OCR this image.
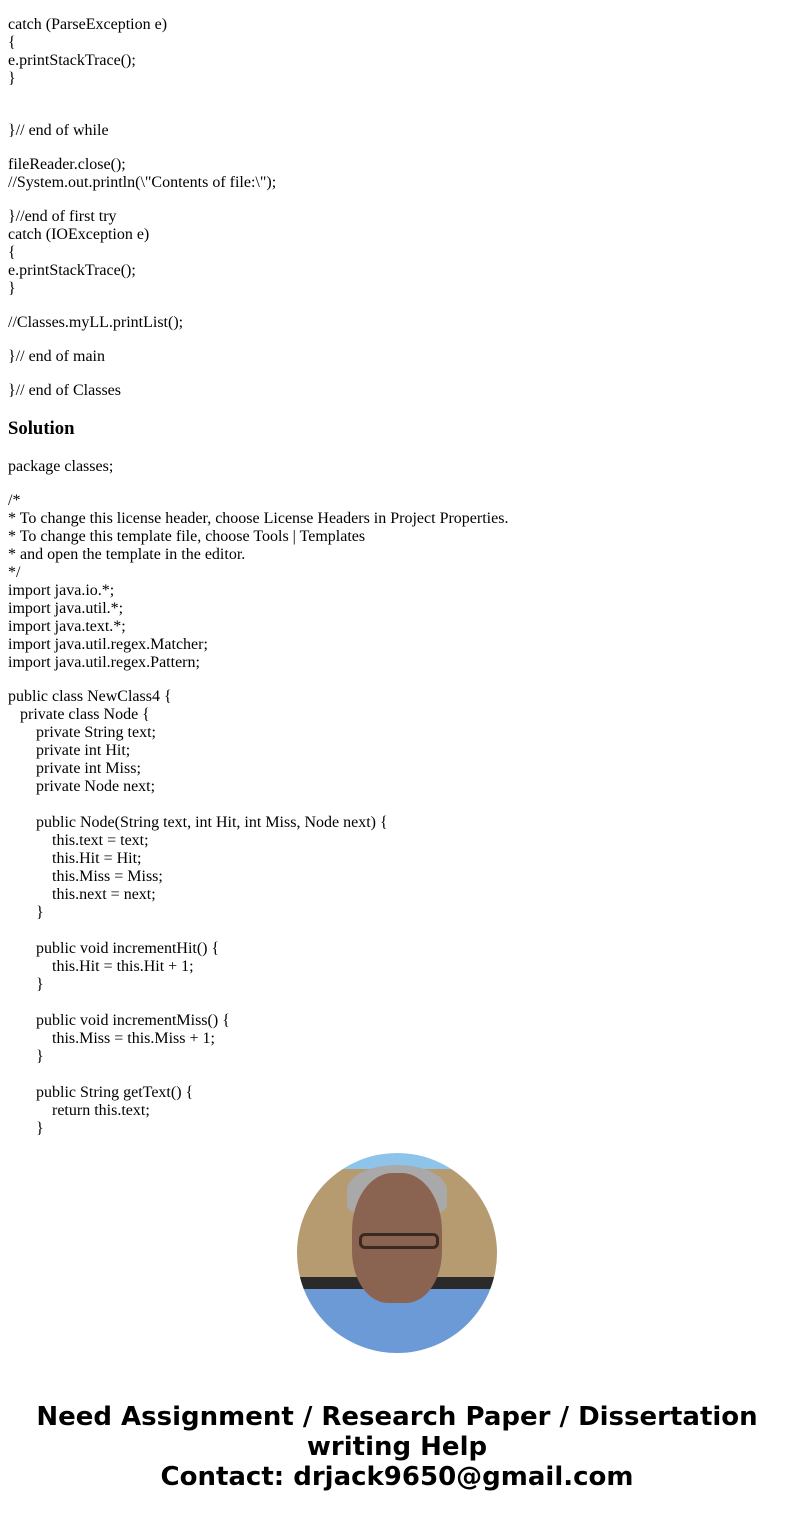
catch (ParseException e)
{
e.printStackTrace();
}

}// end of while

fileReader.close();
//System.out.println(\"Contents of file:\");

}//end of first try
catch (IOException e)
{
e.printStackTrace();
}

//Classes.myLL.printList();

}// end of main

}// end of Classes

Solution

package classes;

/*
* To change this license header, choose License Headers in Project Properties.
* To change this template file, choose Tools | Templates
* and open the template in the editor.
*/
import java.io.*;
import java.util.*;
import java.text.*;
import java.util.regex.Matcher;
import java.util.regex.Pattern;

public class NewClass4 {
private class Node {
private String text;
private int Hit;
private int Miss;
private Node next;
public Node(String text, int Hit, int Miss, Node next) {
this.text = text;
this.Hit = Hit;
this.Miss = Miss;
this.next = next;
}
public void incrementHit() {
this.Hit = this.Hit + 1;
}
public void incrementMiss() {
this.Miss = this.Miss + 1;
}
public String getText() {
return this.text;
}

Need Assignment / Research Paper / Dissertation
writing Help
Contact: drjack9650@gmail.com
